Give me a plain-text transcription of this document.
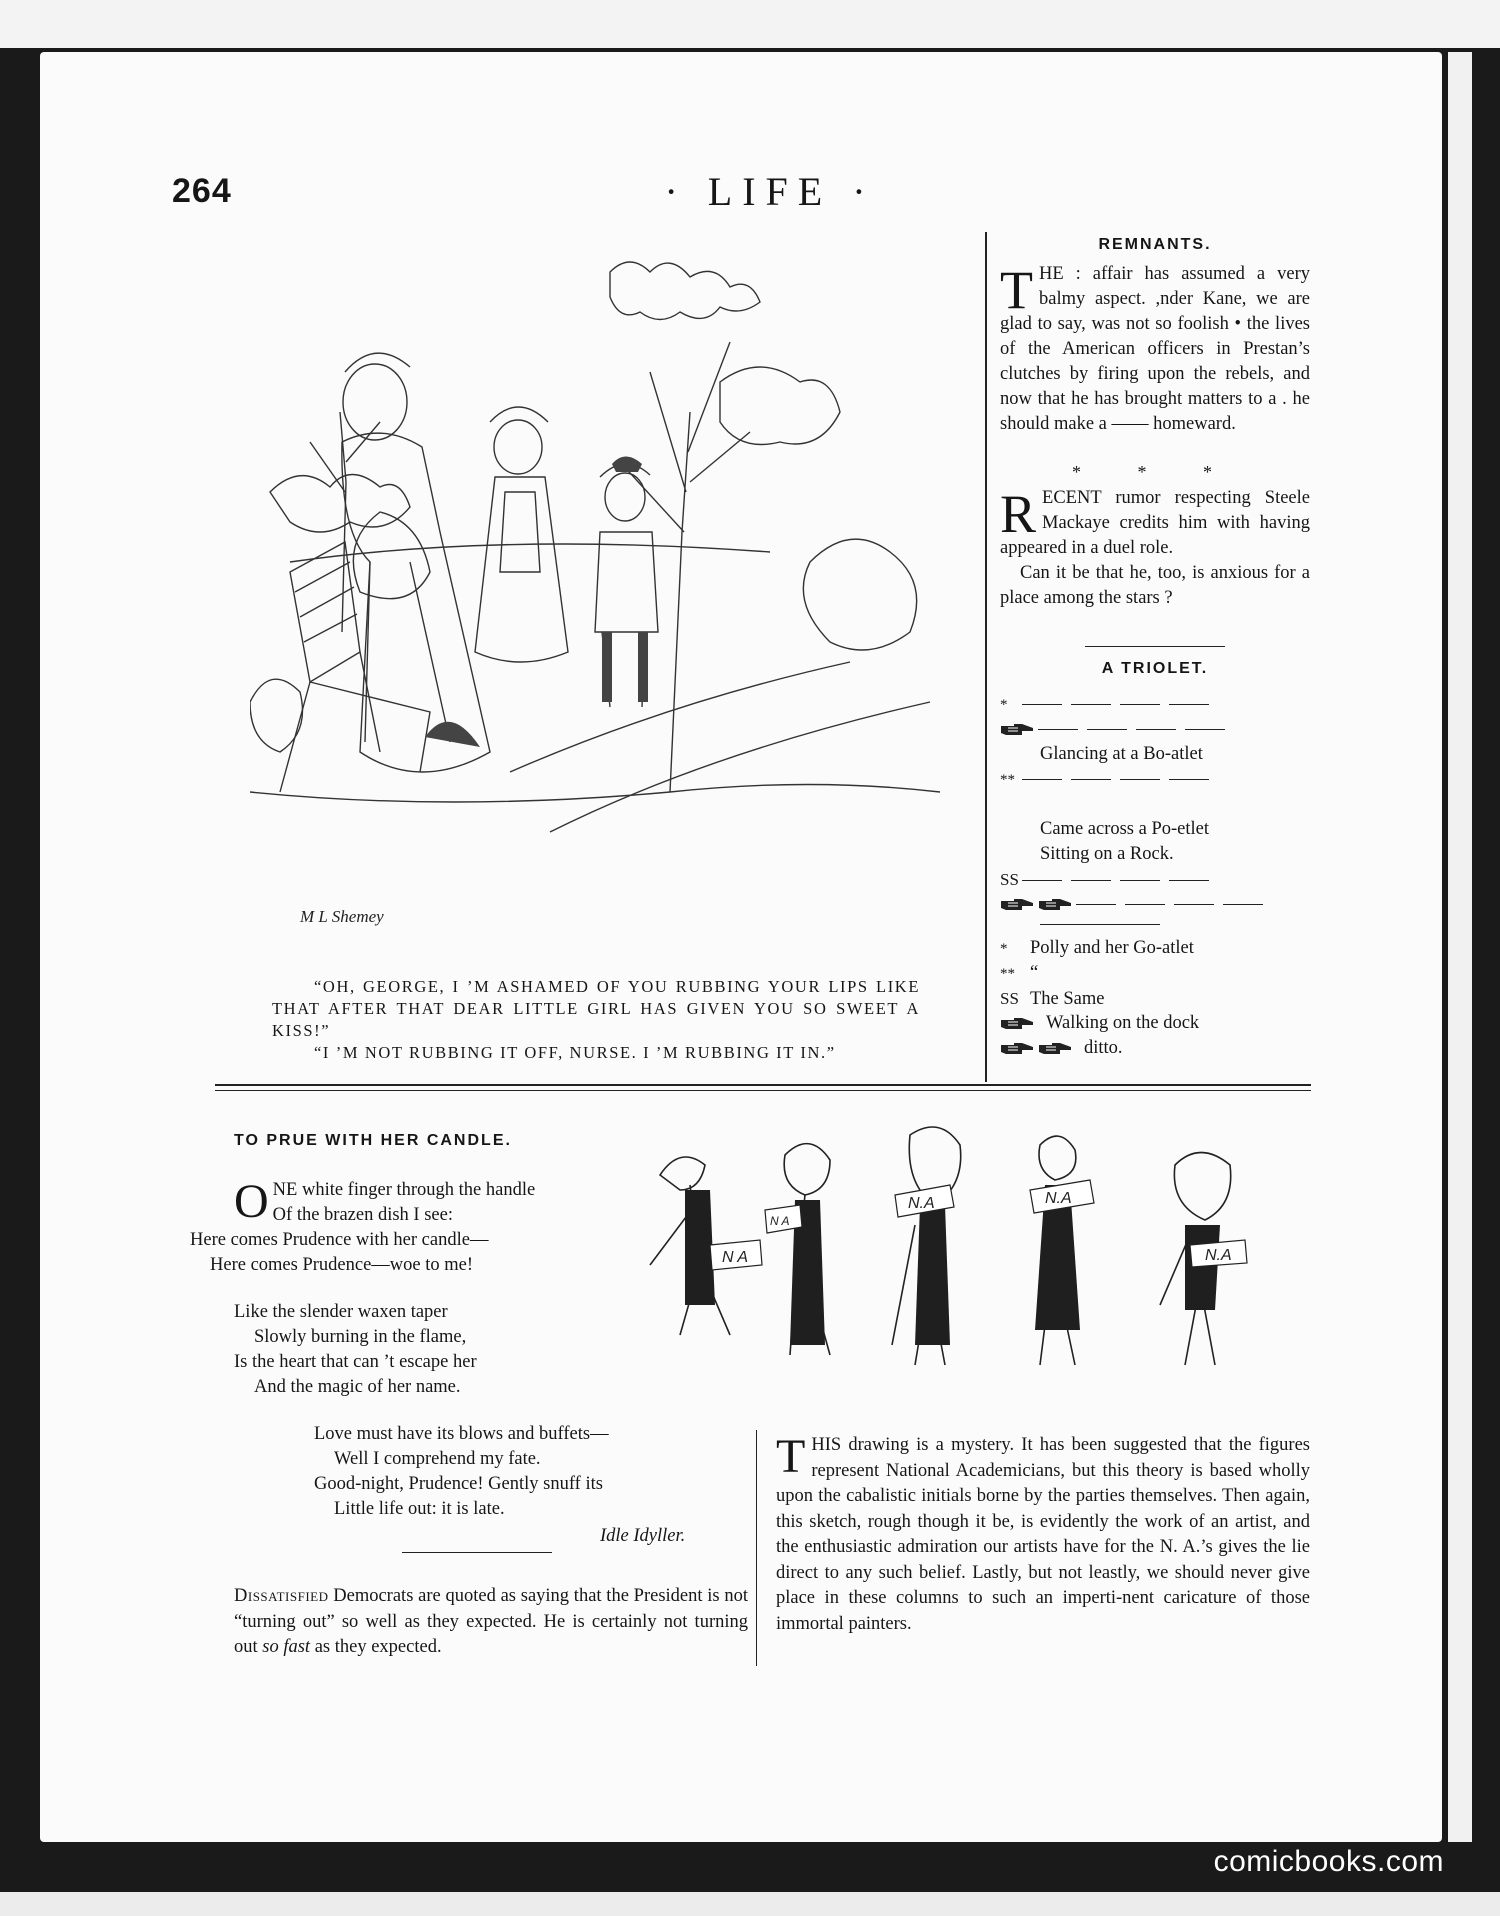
264	· LIFE ·
M L Shemey

“OH, GEORGE, I ’M ASHAMED OF YOU RUBBING YOUR LIPS LIKE THAT AFTER THAT DEAR LITTLE GIRL HAS GIVEN YOU SO SWEET A KISS!”

“I ’M NOT RUBBING IT OFF, NURSE. I ’M RUBBING IT IN.”

REMNANTS.
T HE : affair has assumed a very balmy aspect. ,nder Kane, we are glad to say, was not so foolish • the lives of the American officers in Prestan’s clutches by firing upon the rebels, and now that he has brought matters to a . he should make a —— homeward.
* * *
R ECENT rumor respecting Steele Mackaye credits him with having appeared in a duel role.
Can it be that he, too, is anxious for a place among the stars ?
A TRIOLET.
*
Glancing at a Bo-atlet
**
Came across a Po-etlet
Sitting on a Rock.
SS
* Polly and her Go-atlet
** “
SS The Same
Walking on the dock
ditto.
TO PRUE WITH HER CANDLE.
O NE white finger through the handle
Of the brazen dish I see:
Here comes Prudence with her candle—
Here comes Prudence—woe to me!
Like the slender waxen taper
Slowly burning in the flame,
Is the heart that can ’t escape her
And the magic of her name.
Love must have its blows and buffets—
Well I comprehend my fate.
Good-night, Prudence! Gently snuff its
Little life out: it is late.
Idle Idyller.
Dissatisfied Democrats are quoted as saying that the President is not “turning out” so well as they expected. He is certainly not turning out so fast as they expected.
N A
N A
N.A	N.A
N.A
T HIS drawing is a mystery. It has been suggested that the figures represent National Academicians, but this theory is based wholly upon the cabalistic initials borne by the parties themselves. Then again, this sketch, rough though it be, is evidently the work of an artist, and the enthusiastic admiration our artists have for the N. A.’s gives the lie direct to any such belief. Lastly, but not leastly, we should never give place in these columns to such an imperti-nent caricature of those immortal painters.
comicbooks.com
